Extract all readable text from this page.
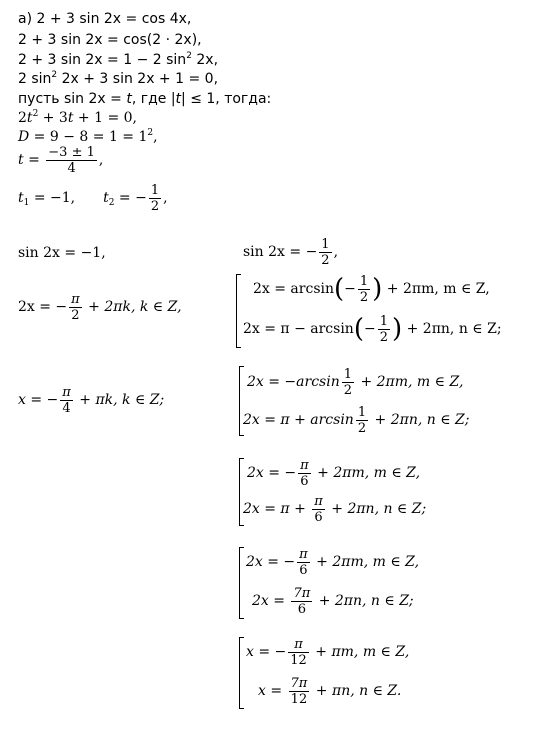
а) 2 + 3 sin 2x = cos 4x,
2 + 3 sin 2x = cos(2 · 2x),
2 + 3 sin 2x = 1 − 2 $\sin^2 2x$,
2 $\sin^2 2x + 3$ sin 2x + 1 = 0,
пусть sin 2x = t, где |t| ≤ 1, тогда:
$2t^2 + 3t + 1 = 0$,
$D = 9 - 8 = 1 = 1^2$,
$t = \frac{-3 \pm 1}{4}$ ,
$t_1 = -1$, $t_2$ = − $\frac{1}{2}$ ,
sin 2x = −1,
2x = − $\frac{\pi}{2} + 2\pi k$, k ∈ Z,
x = − $\frac{\pi}{4} + \pi k$, k ∈ Z;
sin 2x = − $\frac{1}{2}$ ,
$2x = \arcsin(- \frac{1}{2}$ ) + 2πm, m ∈ Z,
$2x = \pi - \arcsin(- \frac{1}{2}$ ) + 2πn, n ∈ Z;
$2x = -\arcsin \frac{1}{2} + 2\pi m$, m ∈ Z,
$2x = \pi + \arcsin \frac{1}{2} + 2\pi n$, n ∈ Z;
2x = − $\frac{\pi}{6} + 2\pi m$, m ∈ Z,
$2x = \pi + \frac{\pi}{6} + 2\pi n$, n ∈ Z;
2x = − $\frac{\pi}{6} + 2\pi m$, m ∈ Z,
$2x = \frac{7\pi}{6} + 2\pi n$, n ∈ Z;
x = − $\frac{\pi}{12} + \pi m$, m ∈ Z,
$x = \frac{7\pi}{12} + \pi n$, n ∈ Z.
